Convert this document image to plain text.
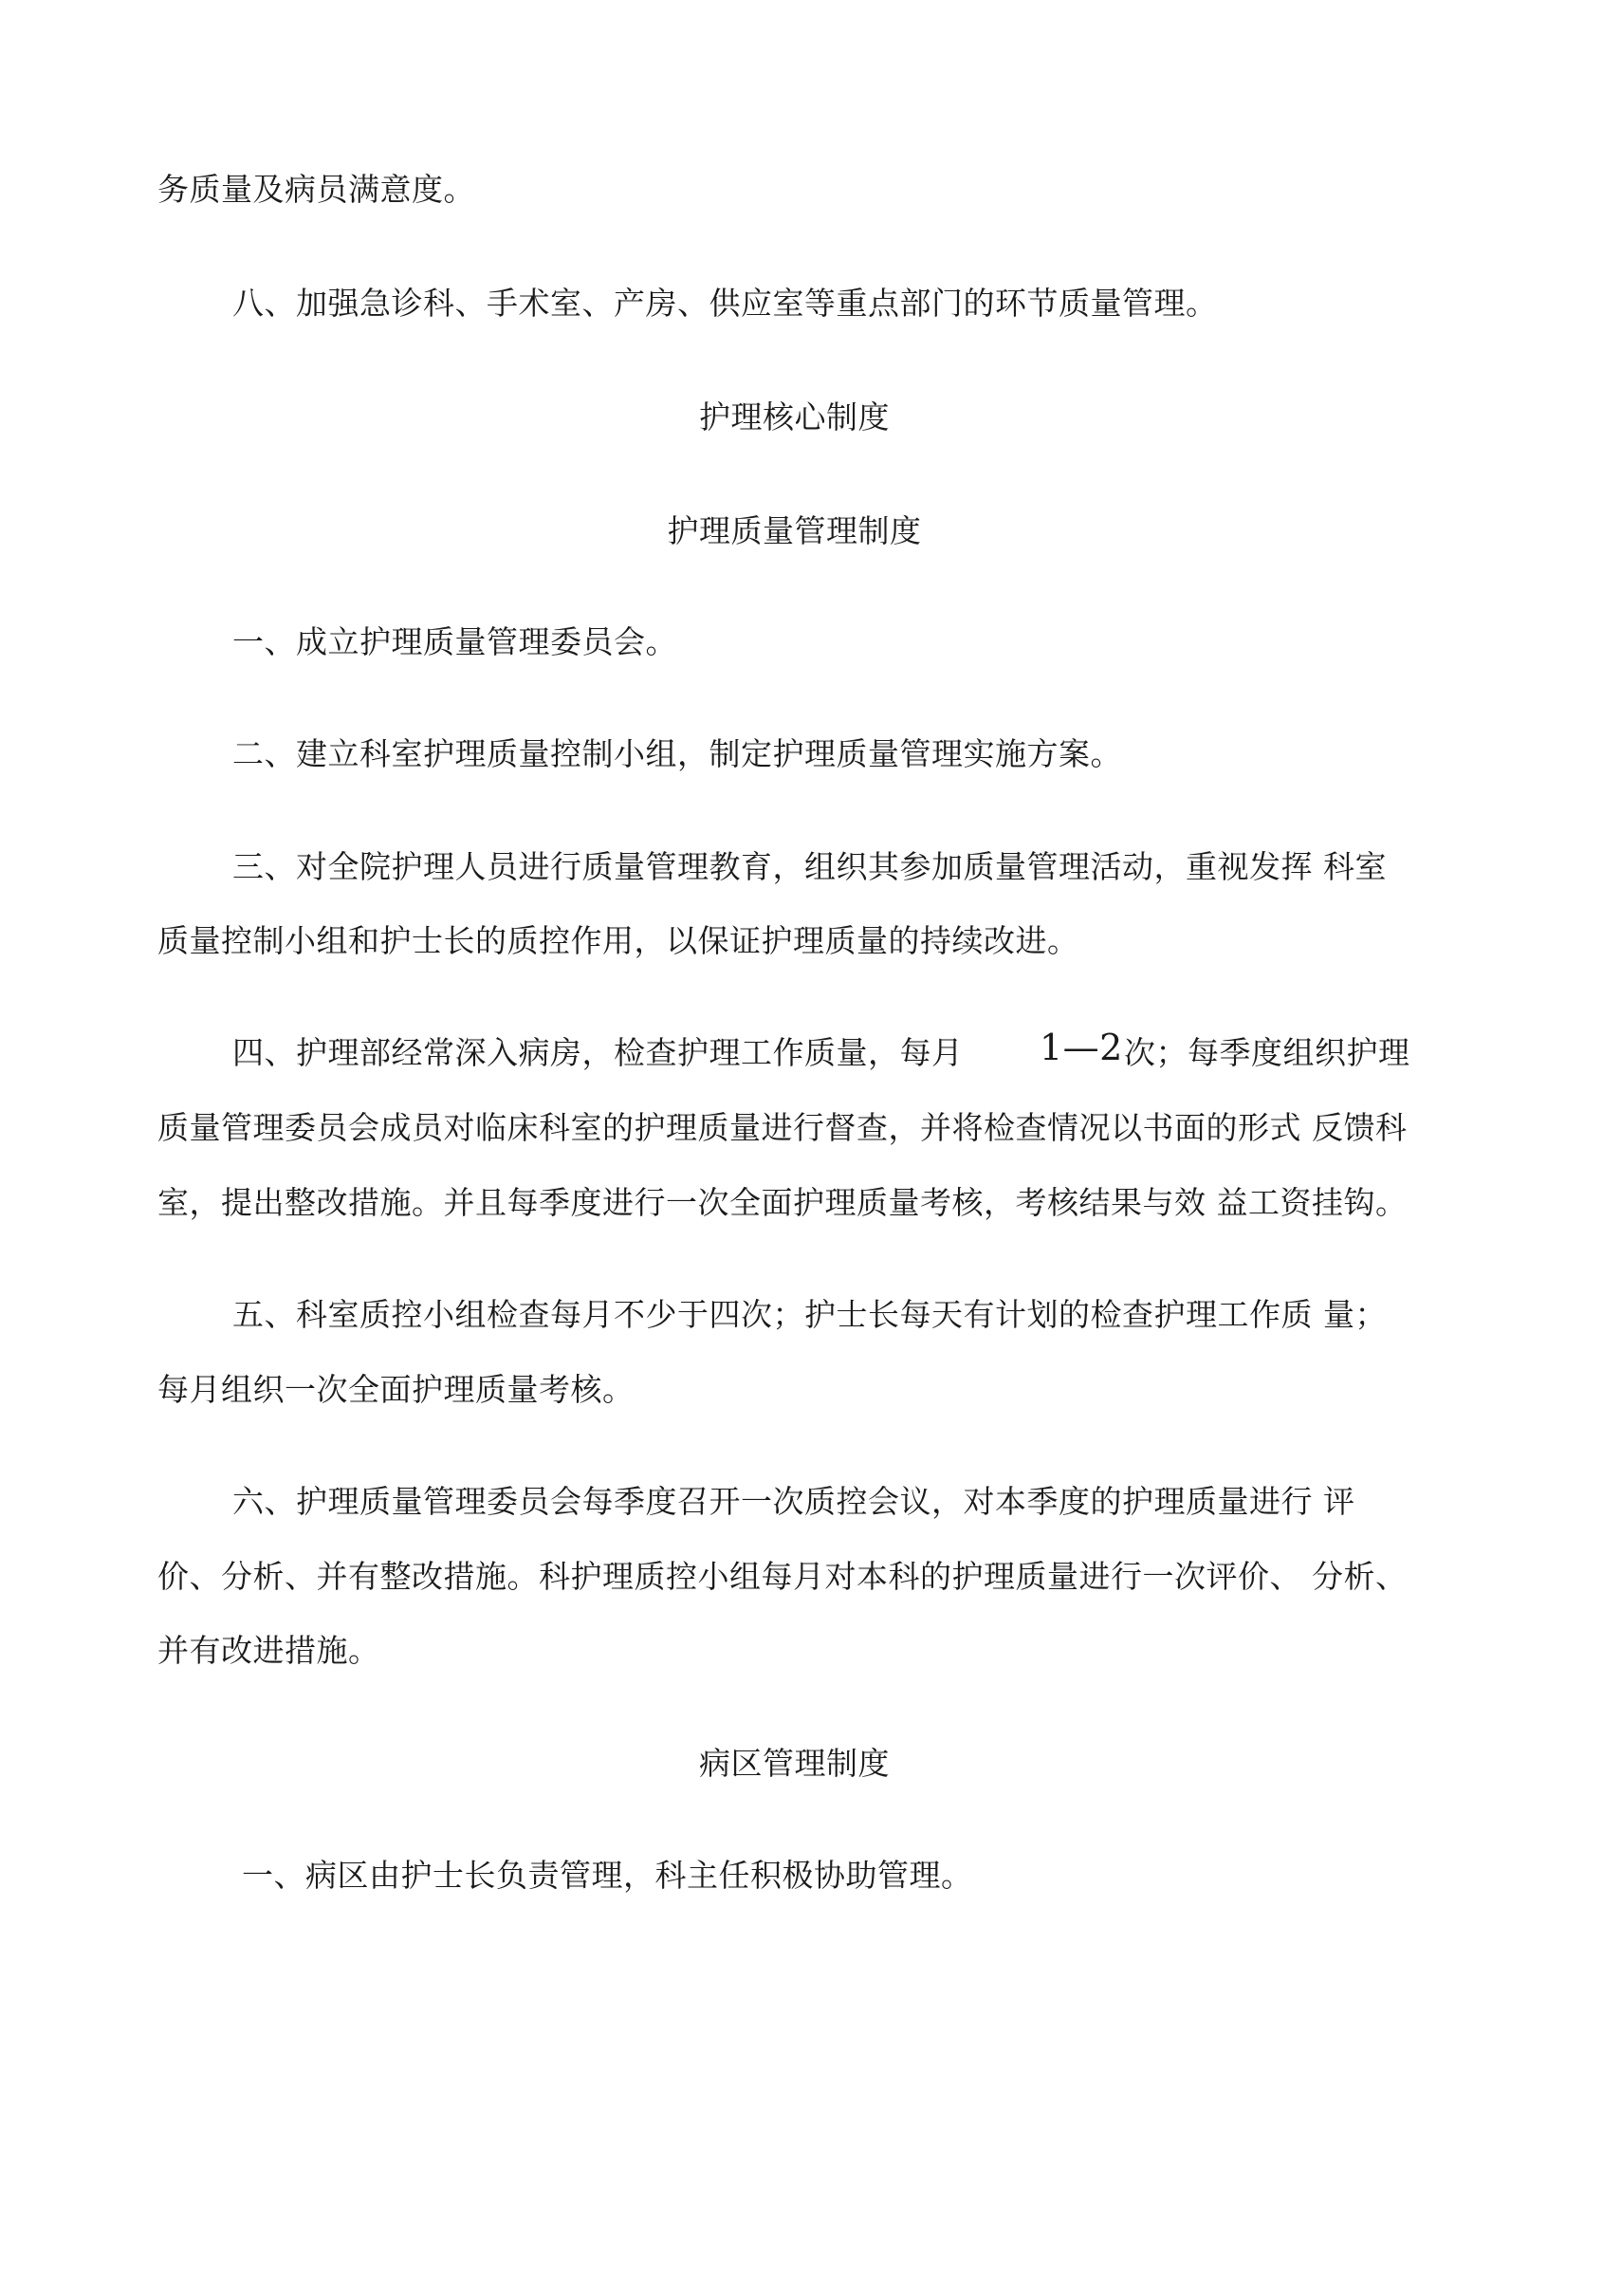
务质量及病员满意度。
八、加强急诊科、手术室、产房、供应室等重点部门的环节质量管理。
护理核心制度
护理质量管理制度
一、成立护理质量管理委员会。
二、建立科室护理质量控制小组，制定护理质量管理实施方案。
三、对全院护理人员进行质量管理教育，组织其参加质量管理活动，重视发挥 科室
质量控制小组和护士长的质控作用，以保证护理质量的持续改进。
四、护理部经常深入病房，检查护理工作质量，每月 1—2 次；每季度组织护理
质量管理委员会成员对临床科室的护理质量进行督查，并将检查情况以书面的形式 反馈科
室，提出整改措施。并且每季度进行一次全面护理质量考核，考核结果与效 益工资挂钩。
五、科室质控小组检查每月不少于四次；护士长每天有计划的检查护理工作质 量；
每月组织一次全面护理质量考核。
六、护理质量管理委员会每季度召开一次质控会议，对本季度的护理质量进行 评
价、分析、并有整改措施。科护理质控小组每月对本科的护理质量进行一次评价、 分析、
并有改进措施。
病区管理制度
一、病区由护士长负责管理，科主任积极协助管理。
